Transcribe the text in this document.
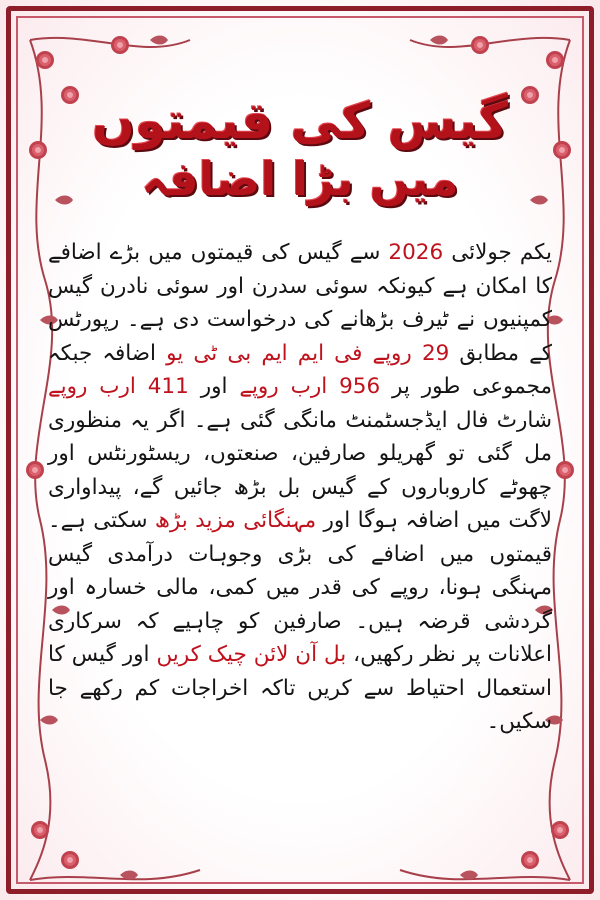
گیس کی قیمتوں
میں بڑا اضافہ
یکم جولائی 2026 سے گیس کی قیمتوں میں بڑے اضافے کا امکان ہے کیونکہ سوئی سدرن اور سوئی نادرن گیس کمپنیوں نے ٹیرف بڑھانے کی درخواست دی ہے۔ رپورٹس کے مطابق 29 روپے فی ایم ایم بی ٹی یو اضافہ جبکہ مجموعی طور پر 956 ارب روپے اور 411 ارب روپے شارٹ فال ایڈجسٹمنٹ مانگی گئی ہے۔ اگر یہ منظوری مل گئی تو گھریلو صارفین، صنعتوں، ریسٹورنٹس اور چھوٹے کاروباروں کے گیس بل بڑھ جائیں گے، پیداواری لاگت میں اضافہ ہوگا اور مہنگائی مزید بڑھ سکتی ہے۔ قیمتوں میں اضافے کی بڑی وجوہات درآمدی گیس مہنگی ہونا، روپے کی قدر میں کمی، مالی خسارہ اور گردشی قرضہ ہیں۔ صارفین کو چاہیے کہ سرکاری اعلانات پر نظر رکھیں، بل آن لائن چیک کریں اور گیس کا استعمال احتیاط سے کریں تاکہ اخراجات کم رکھے جا سکیں۔
